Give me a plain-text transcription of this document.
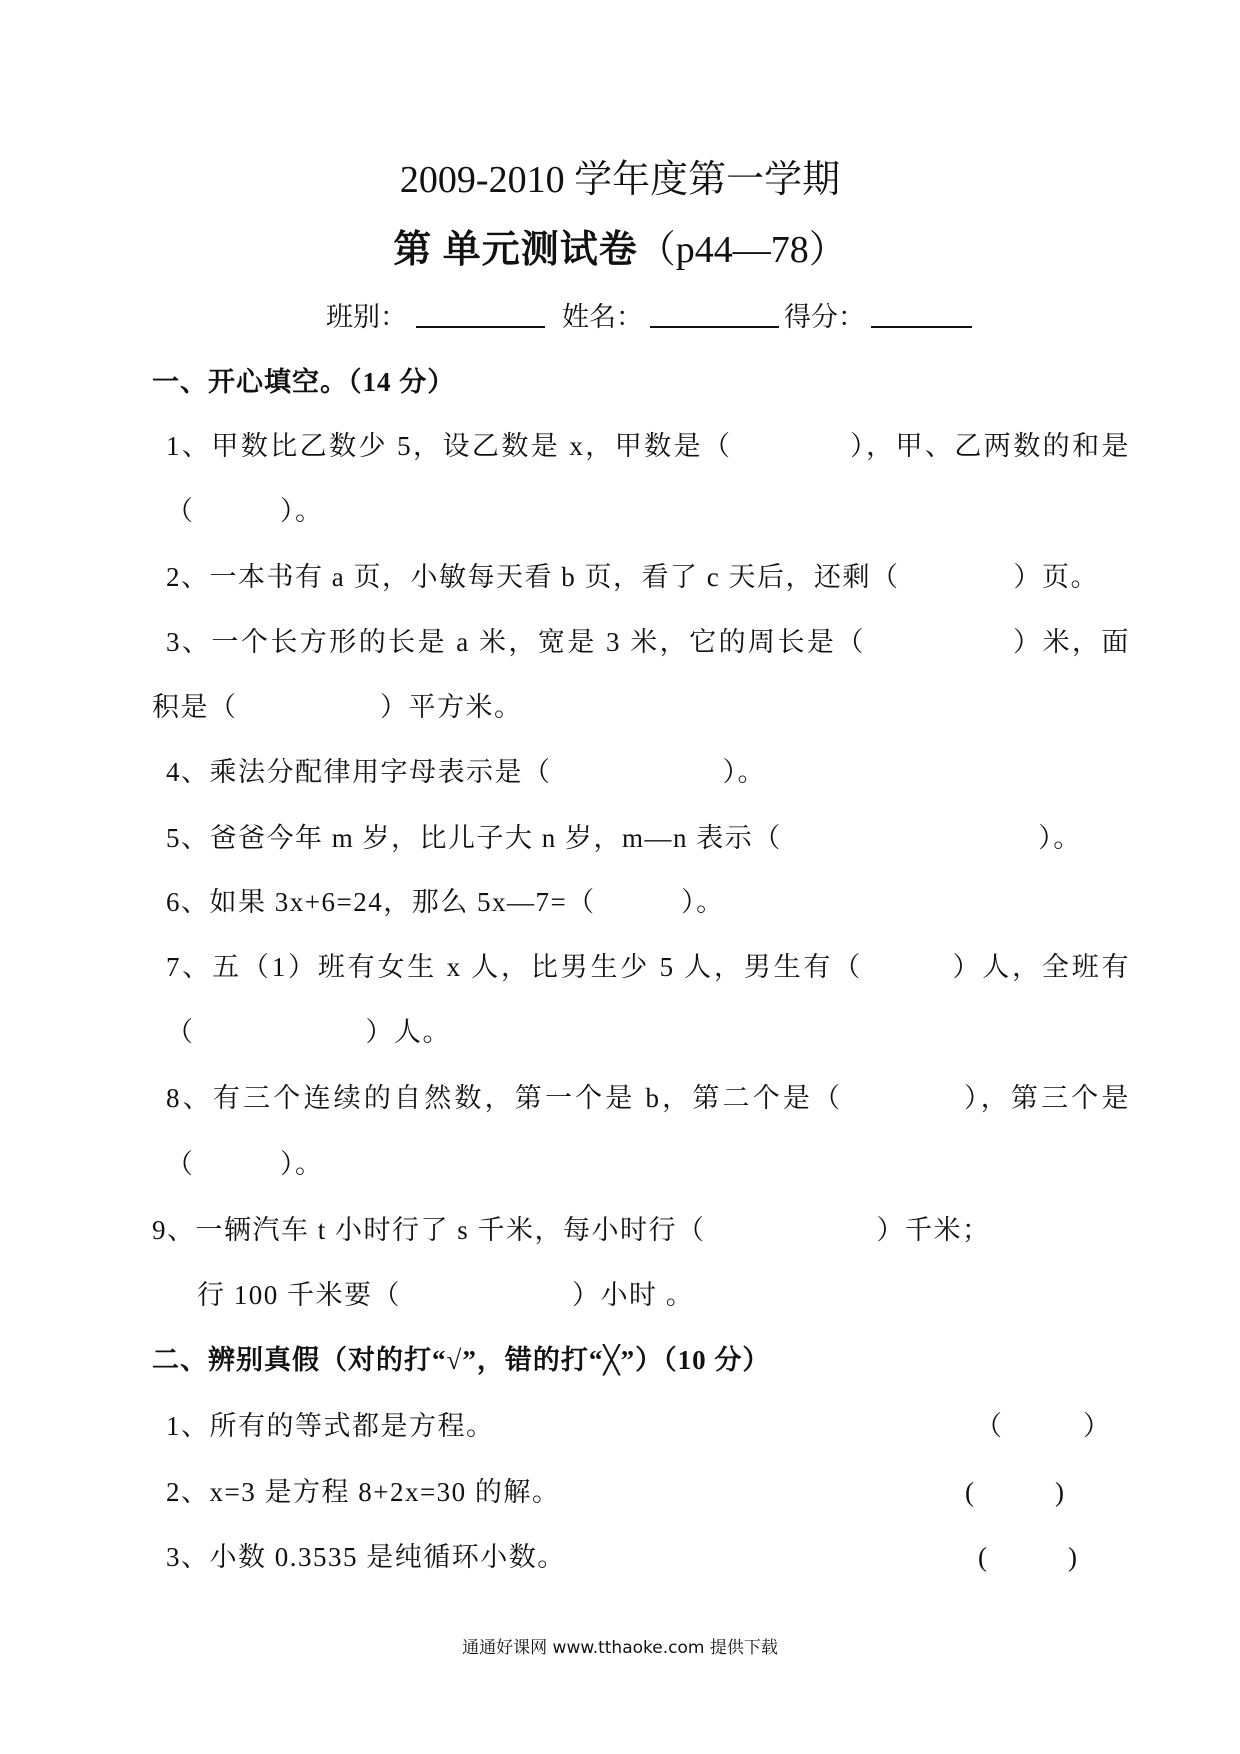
2009-2010 学年度第一学期
第 单元测试卷（p44—78）
班别：	姓名：	得分：
一、开心填空。（14 分）
1、甲数比乙数少 5，设乙数是 x，甲数是（　　　　），甲、乙两数的和是
（　　　）。
2、一本书有 a 页，小敏每天看 b 页，看了 c 天后，还剩（　　　　）页。
3、一个长方形的长是 a 米，宽是 3 米，它的周长是（　　　　　）米，面
积是（　　　　　）平方米。
4、乘法分配律用字母表示是（　　　　　　）。
5、爸爸今年 m 岁，比儿子大 n 岁，m—n 表示（　　　　　　　　　）。
6、如果 3x+6=24，那么 5x—7=（　　　）。
7、五（1）班有女生 x 人，比男生少 5 人，男生有（　　　）人，全班有
（　　　　　　）人。
8、有三个连续的自然数，第一个是 b，第二个是（　　　　），第三个是
（　　　）。
9、一辆汽车 t 小时行了 s 千米，每小时行（　　　　　　）千米；
行 100 千米要（　　　　　　）小时 。
二、辨别真假（对的打“√”，错的打“╳”）（10 分）
1、所有的等式都是方程。	（　　　）
2、x=3 是方程 8+2x=30 的解。	(　　　)
3、小数 0.3535 是纯循环小数。	(　　　)
通通好课网 www.tthaoke.com 提供下载
